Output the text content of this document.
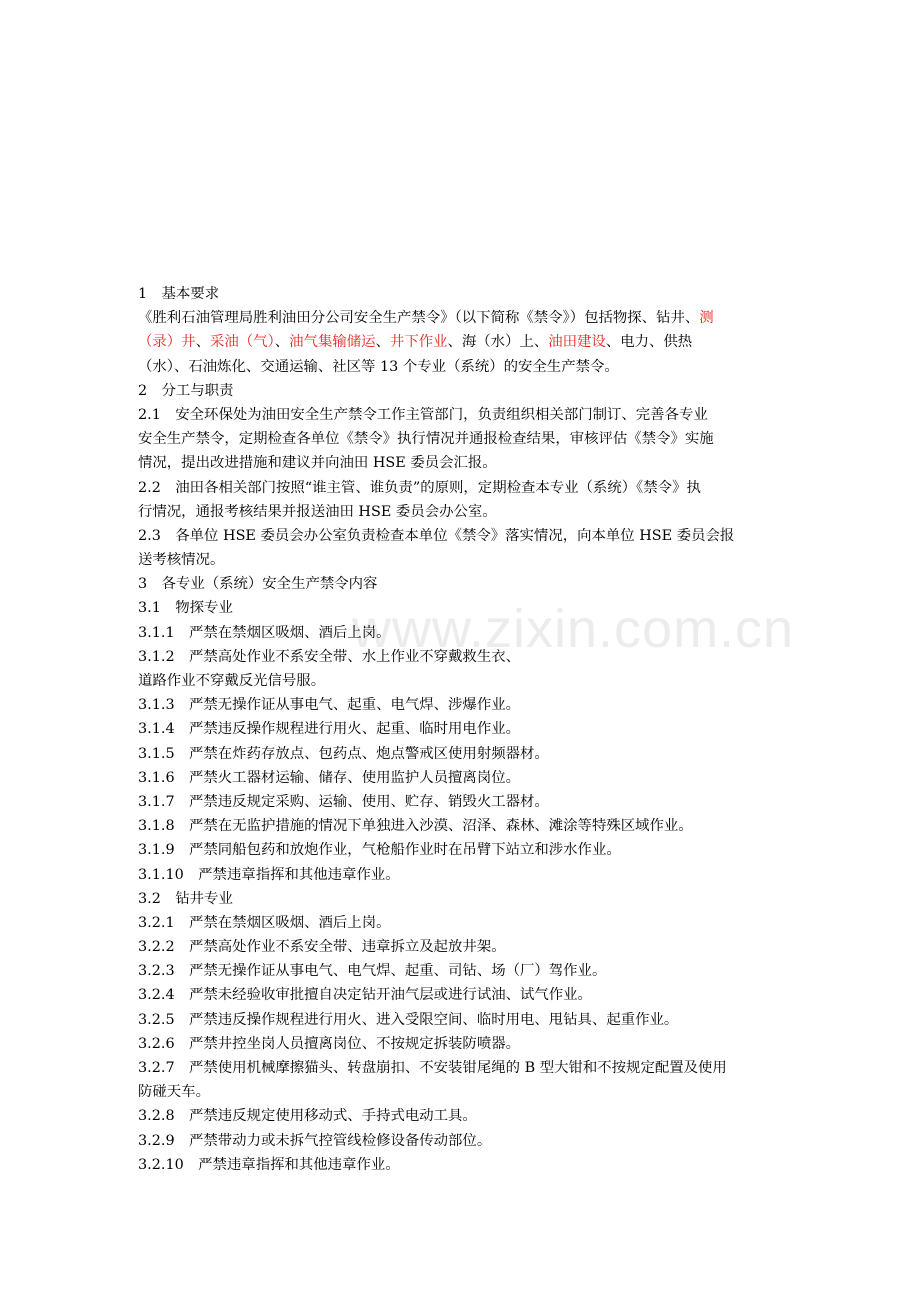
www.zixin.com.cn
1　基本要求
《胜利石油管理局胜利油田分公司安全生产禁令》（以下简称《禁令》）包括物探、钻井、测
（录）井、采油（气）、油气集输储运、井下作业、海（水）上、油田建设、电力、供热
（水）、石油炼化、交通运输、社区等 13 个专业（系统）的安全生产禁令。
2　分工与职责
2.1　安全环保处为油田安全生产禁令工作主管部门，负责组织相关部门制订、完善各专业
安全生产禁令，定期检查各单位《禁令》执行情况并通报检查结果，审核评估《禁令》实施
情况，提出改进措施和建议并向油田 HSE 委员会汇报。
2.2　油田各相关部门按照“谁主管、谁负责”的原则，定期检查本专业（系统）《禁令》执
行情况，通报考核结果并报送油田 HSE 委员会办公室。
2.3　各单位 HSE 委员会办公室负责检查本单位《禁令》落实情况，向本单位 HSE 委员会报
送考核情况。
3　各专业（系统）安全生产禁令内容
3.1　物探专业
3.1.1　严禁在禁烟区吸烟、酒后上岗。
3.1.2　严禁高处作业不系安全带、水上作业不穿戴救生衣、
道路作业不穿戴反光信号服。
3.1.3　严禁无操作证从事电气、起重、电气焊、涉爆作业。
3.1.4　严禁违反操作规程进行用火、起重、临时用电作业。
3.1.5　严禁在炸药存放点、包药点、炮点警戒区使用射频器材。
3.1.6　严禁火工器材运输、储存、使用监护人员擅离岗位。
3.1.7　严禁违反规定采购、运输、使用、贮存、销毁火工器材。
3.1.8　严禁在无监护措施的情况下单独进入沙漠、沼泽、森林、滩涂等特殊区域作业。
3.1.9　严禁同船包药和放炮作业，气枪船作业时在吊臂下站立和涉水作业。
3.1.10　严禁违章指挥和其他违章作业。
3.2　钻井专业
3.2.1　严禁在禁烟区吸烟、酒后上岗。
3.2.2　严禁高处作业不系安全带、违章拆立及起放井架。
3.2.3　严禁无操作证从事电气、电气焊、起重、司钻、场（厂）驾作业。
3.2.4　严禁未经验收审批擅自决定钻开油气层或进行试油、试气作业。
3.2.5　严禁违反操作规程进行用火、进入受限空间、临时用电、甩钻具、起重作业。
3.2.6　严禁井控坐岗人员擅离岗位、不按规定拆装防喷器。
3.2.7　严禁使用机械摩擦猫头、转盘崩扣、不安装钳尾绳的 B 型大钳和不按规定配置及使用
防碰天车。
3.2.8　严禁违反规定使用移动式、手持式电动工具。
3.2.9　严禁带动力或未拆气控管线检修设备传动部位。
3.2.10　严禁违章指挥和其他违章作业。
